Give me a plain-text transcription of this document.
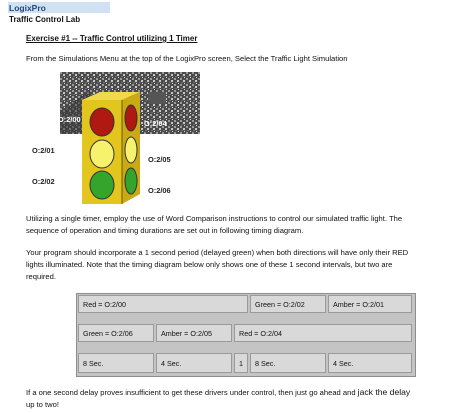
LogixPro
Traffic Control Lab
Exercise #1 -- Traffic Control utilizing 1 Timer
From the Simulations Menu at the top of the LogixPro screen, Select the Traffic Light Simulation
O:2/00	O:2/04
O:2/01
O:2/05
O:2/02
O:2/06
Utilizing a single timer, employ the use of Word Comparison instructions to control our simulated traffic light. The
sequence of operation and timing durations are set out in following timing diagram.
Your program should incorporate a 1 second period (delayed green) when both directions will have only their RED
lights illuminated. Note that the timing diagram below only shows one of these 1 second intervals, but two are
required.
Red = O:2/00	Green = O:2/02	Amber = O:2/01
Green = O:2/06	Amber = O:2/05	Red = O:2/04
8 Sec.	4 Sec.	1	8 Sec.	4 Sec.
If a one second delay proves insufficient to get these drivers under control, then just go ahead and jack the delay
up to two!
